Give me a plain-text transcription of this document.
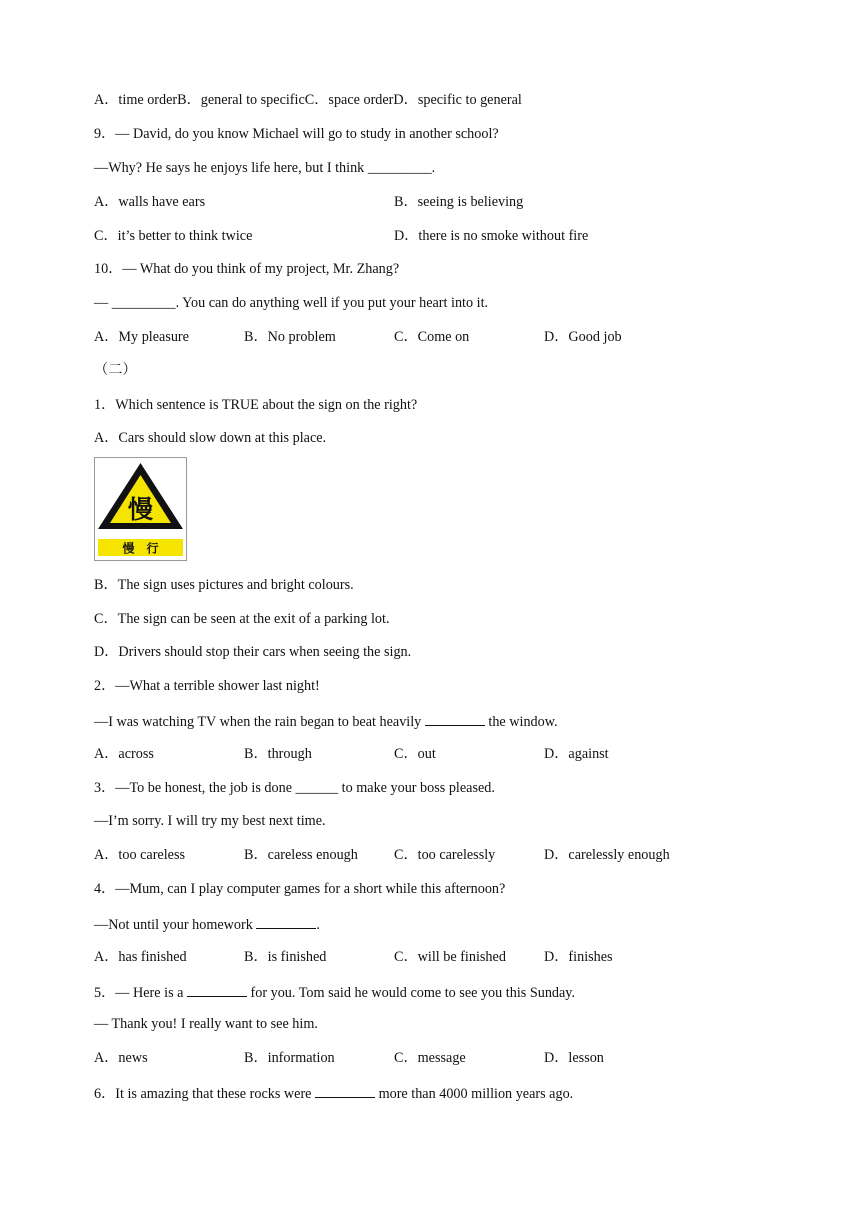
A．time orderB．general to specificC．space orderD．specific to general
9．— David, do you know Michael will go to study in another school?
—Why? He says he enjoys life here, but I think _________.
A．walls have ears	B．seeing is believing
C．it’s better to think twice	D．there is no smoke without fire
10．— What do you think of my project, Mr. Zhang?
— _________. You can do anything well if you put your heart into it.
A．My pleasure	B．No problem	C．Come on	D．Good job
（二）
1．Which sentence is TRUE about the sign on the right?
A．Cars should slow down at this place.
慢
慢　行
B．The sign uses pictures and bright colours.
C．The sign can be seen at the exit of a parking lot.
D．Drivers should stop their cars when seeing the sign.
2．—What a terrible shower last night!
—I was watching TV when the rain began to beat heavily	the window.
A．across	B．through	C．out	D．against
3．—To be honest, the job is done ______ to make your boss pleased.
—I’m sorry. I will try my best next time.
A．too careless	B．careless enough	C．too carelessly	D．carelessly enough
4．—Mum, can I play computer games for a short while this afternoon?
—Not until your homework	.
A．has finished	B．is finished	C．will be finished	D．finishes
5．— Here is a	for you. Tom said he would come to see you this Sunday.
— Thank you! I really want to see him.
A．news	B．information	C．message	D．lesson
6．It is amazing that these rocks were	more than 4000 million years ago.
